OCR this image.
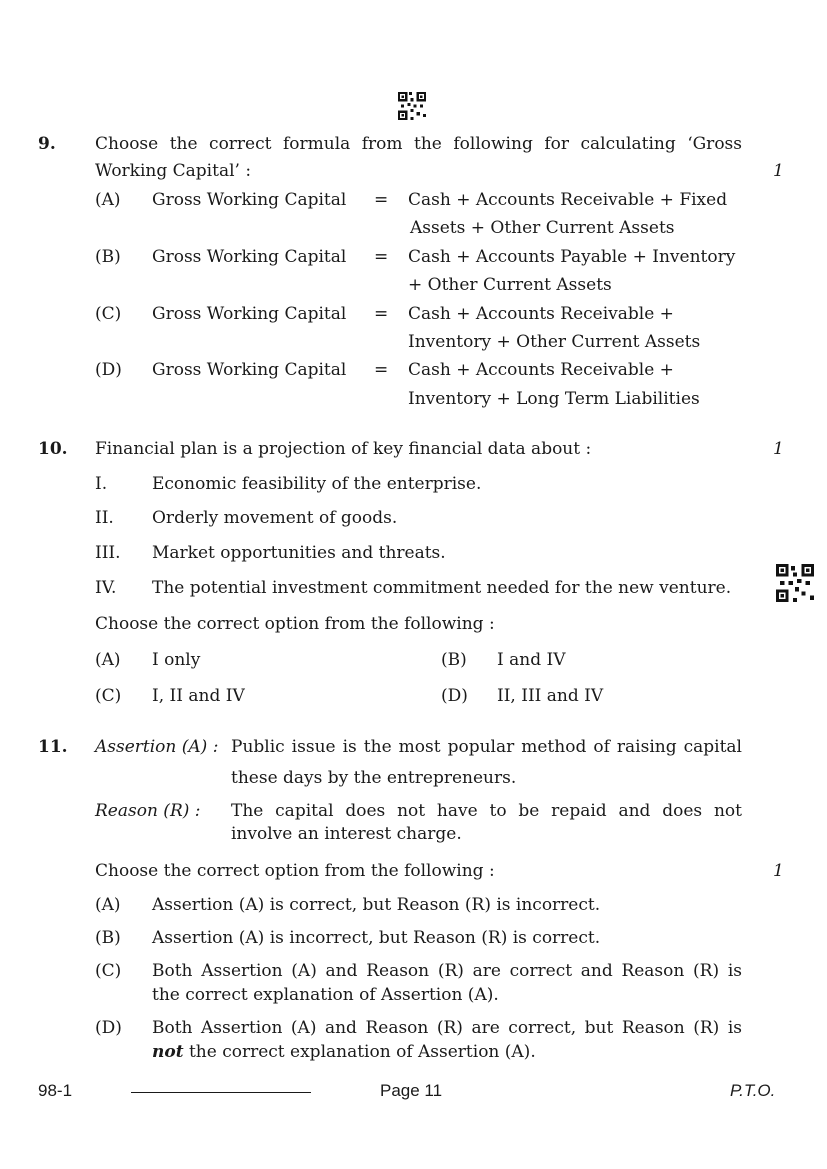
9. Choose the correct formula from the following for calculating ‘Gross
Working Capital’ :	1
(A) Gross Working Capital = Cash + Accounts Receivable + Fixed
Assets + Other Current Assets
(B) Gross Working Capital = Cash + Accounts Payable + Inventory
+ Other Current Assets
(C) Gross Working Capital = Cash + Accounts Receivable +
Inventory + Other Current Assets
(D) Gross Working Capital = Cash + Accounts Receivable +
Inventory + Long Term Liabilities
10. Financial plan is a projection of key financial data about :	1
I.	Economic feasibility of the enterprise.
II. Orderly movement of goods.
III. Market opportunities and threats.
IV. The potential investment commitment needed for the new venture.
Choose the correct option from the following :
(A) I only	(B) I and IV
(C) I, II and IV	(D) II, III and IV
11. Assertion (A) : Public issue is the most popular method of raising capital
these days by the entrepreneurs.
Reason (R) : The capital does not have to be repaid and does not
involve an interest charge.
Choose the correct option from the following :	1
(A) Assertion (A) is correct, but Reason (R) is incorrect.
(B) Assertion (A) is incorrect, but Reason (R) is correct.
(C) Both Assertion (A) and Reason (R) are correct and Reason (R) is
the correct explanation of Assertion (A).
(D) Both Assertion (A) and Reason (R) are correct, but Reason (R) is
not the correct explanation of Assertion (A).
98-1	Page 11	P.T.O.
